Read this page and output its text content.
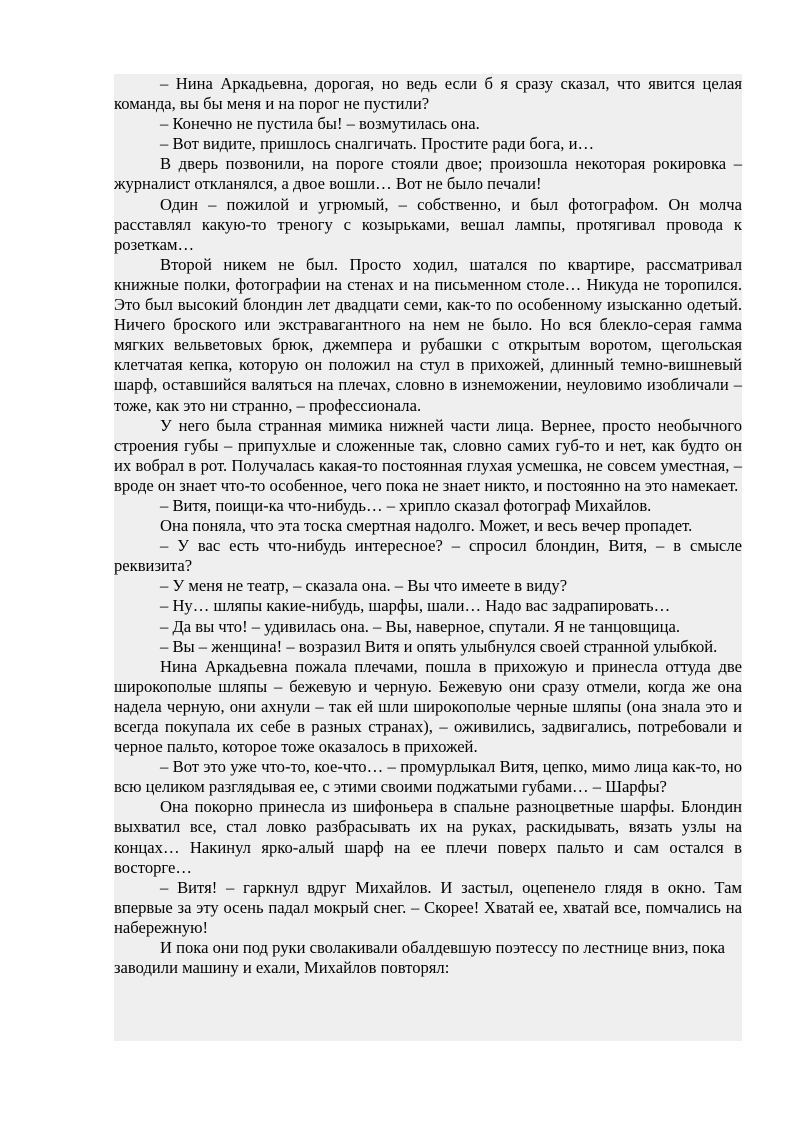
– Нина Аркадьевна, дорогая, но ведь если б я сразу сказал, что явится целая команда, вы бы меня и на порог не пустили?

– Конечно не пустила бы! – возмутилась она.

– Вот видите, пришлось сналгичать. Простите ради бога, и…

В дверь позвонили, на пороге стояли двое; произошла некоторая рокировка – журналист откланялся, а двое вошли… Вот не было печали!

Один – пожилой и угрюмый, – собственно, и был фотографом. Он молча расставлял какую-то треногу с козырьками, вешал лампы, протягивал провода к розеткам…

Второй никем не был. Просто ходил, шатался по квартире, рассматривал книжные полки, фотографии на стенах и на письменном столе… Никуда не торопился. Это был высокий блондин лет двадцати семи, как-то по особенному изысканно одетый. Ничего броского или экстравагантного на нем не было. Но вся блекло-серая гамма мягких вельветовых брюк, джемпера и рубашки с открытым воротом, щегольская клетчатая кепка, которую он положил на стул в прихожей, длинный темно-вишневый шарф, оставшийся валяться на плечах, словно в изнеможении, неуловимо изобличали – тоже, как это ни странно, – профессионала.

У него была странная мимика нижней части лица. Вернее, просто необычного строения губы – припухлые и сложенные так, словно самих губ-то и нет, как будто он их вобрал в рот. Получалась какая-то постоянная глухая усмешка, не совсем уместная, – вроде он знает что-то особенное, чего пока не знает никто, и постоянно на это намекает.

– Витя, поищи-ка что-нибудь… – хрипло сказал фотограф Михайлов.

Она поняла, что эта тоска смертная надолго. Может, и весь вечер пропадет.

– У вас есть что-нибудь интересное? – спросил блондин, Витя, – в смысле реквизита?

– У меня не театр, – сказала она. – Вы что имеете в виду?

– Ну… шляпы какие-нибудь, шарфы, шали… Надо вас задрапировать…

– Да вы что! – удивилась она. – Вы, наверное, спутали. Я не танцовщица.

– Вы – женщина! – возразил Витя и опять улыбнулся своей странной улыбкой.

Нина Аркадьевна пожала плечами, пошла в прихожую и принесла оттуда две широкополые шляпы – бежевую и черную. Бежевую они сразу отмели, когда же она надела черную, они ахнули – так ей шли широкополые черные шляпы (она знала это и всегда покупала их себе в разных странах), – оживились, задвигались, потребовали и черное пальто, которое тоже оказалось в прихожей.

– Вот это уже что-то, кое-что… – промурлыкал Витя, цепко, мимо лица как-то, но всю целиком разглядывая ее, с этими своими поджатыми губами… – Шарфы?

Она покорно принесла из шифоньера в спальне разноцветные шарфы. Блондин выхватил все, стал ловко разбрасывать их на руках, раскидывать, вязать узлы на концах… Накинул ярко-алый шарф на ее плечи поверх пальто и сам остался в восторге…

– Витя! – гаркнул вдруг Михайлов. И застыл, оцепенело глядя в окно. Там впервые за эту осень падал мокрый снег. – Скорее! Хватай ее, хватай все, помчались на набережную!

И пока они под руки сволакивали обалдевшую поэтессу по лестнице вниз, пока заводили машину и ехали, Михайлов повторял:
